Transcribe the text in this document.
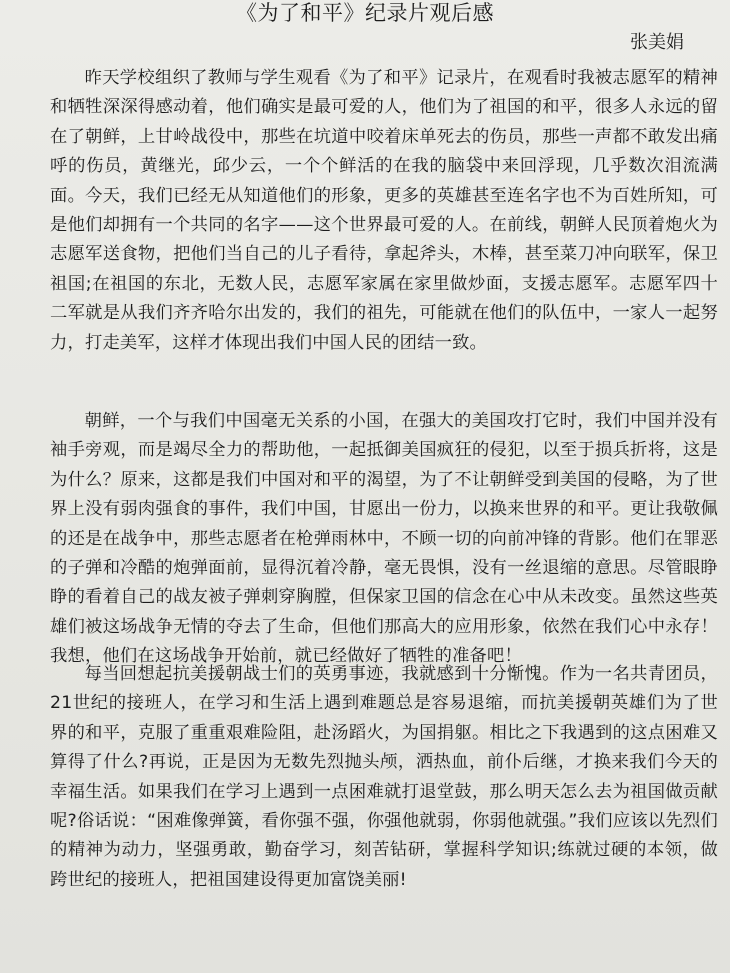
《为了和平》纪录片观后感
张美娟

昨天学校组织了教师与学生观看《为了和平》记录片，在观看时我被志愿军的精神和牺牲深深得感动着，他们确实是最可爱的人，他们为了祖国的和平，很多人永远的留在了朝鲜，上甘岭战役中，那些在坑道中咬着床单死去的伤员，那些一声都不敢发出痛呼的伤员，黄继光，邱少云，一个个鲜活的在我的脑袋中来回浮现，几乎数次泪流满面。今天，我们已经无从知道他们的形象，更多的英雄甚至连名字也不为百姓所知，可是他们却拥有一个共同的名字——这个世界最可爱的人。在前线，朝鲜人民顶着炮火为志愿军送食物，把他们当自己的儿子看待，拿起斧头，木棒，甚至菜刀冲向联军，保卫祖国;在祖国的东北，无数人民，志愿军家属在家里做炒面，支援志愿军。志愿军四十二军就是从我们齐齐哈尔出发的，我们的祖先，可能就在他们的队伍中，一家人一起努力，打走美军，这样才体现出我们中国人民的团结一致。

朝鲜，一个与我们中国毫无关系的小国，在强大的美国攻打它时，我们中国并没有袖手旁观，而是竭尽全力的帮助他，一起抵御美国疯狂的侵犯，以至于损兵折将，这是为什么？原来，这都是我们中国对和平的渴望，为了不让朝鲜受到美国的侵略，为了世界上没有弱肉强食的事件，我们中国，甘愿出一份力，以换来世界的和平。更让我敬佩的还是在战争中，那些志愿者在枪弹雨林中，不顾一切的向前冲锋的背影。他们在罪恶的子弹和冷酷的炮弹面前，显得沉着冷静，毫无畏惧，没有一丝退缩的意思。尽管眼睁睁的看着自己的战友被子弹刺穿胸膛，但保家卫国的信念在心中从未改变。虽然这些英雄们被这场战争无情的夺去了生命，但他们那高大的应用形象，依然在我们心中永存！我想，他们在这场战争开始前，就已经做好了牺牲的准备吧！

每当回想起抗美援朝战士们的英勇事迹，我就感到十分惭愧。作为一名共青团员，21世纪的接班人，在学习和生活上遇到难题总是容易退缩，而抗美援朝英雄们为了世界的和平，克服了重重艰难险阻，赴汤蹈火，为国捐躯。相比之下我遇到的这点困难又算得了什么?再说，正是因为无数先烈抛头颅，洒热血，前仆后继，才换来我们今天的幸福生活。如果我们在学习上遇到一点困难就打退堂鼓，那么明天怎么去为祖国做贡献呢?俗话说：“困难像弹簧，看你强不强，你强他就弱，你弱他就强。”我们应该以先烈们的精神为动力，坚强勇敢，勤奋学习，刻苦钻研，掌握科学知识;练就过硬的本领，做跨世纪的接班人，把祖国建设得更加富饶美丽!
